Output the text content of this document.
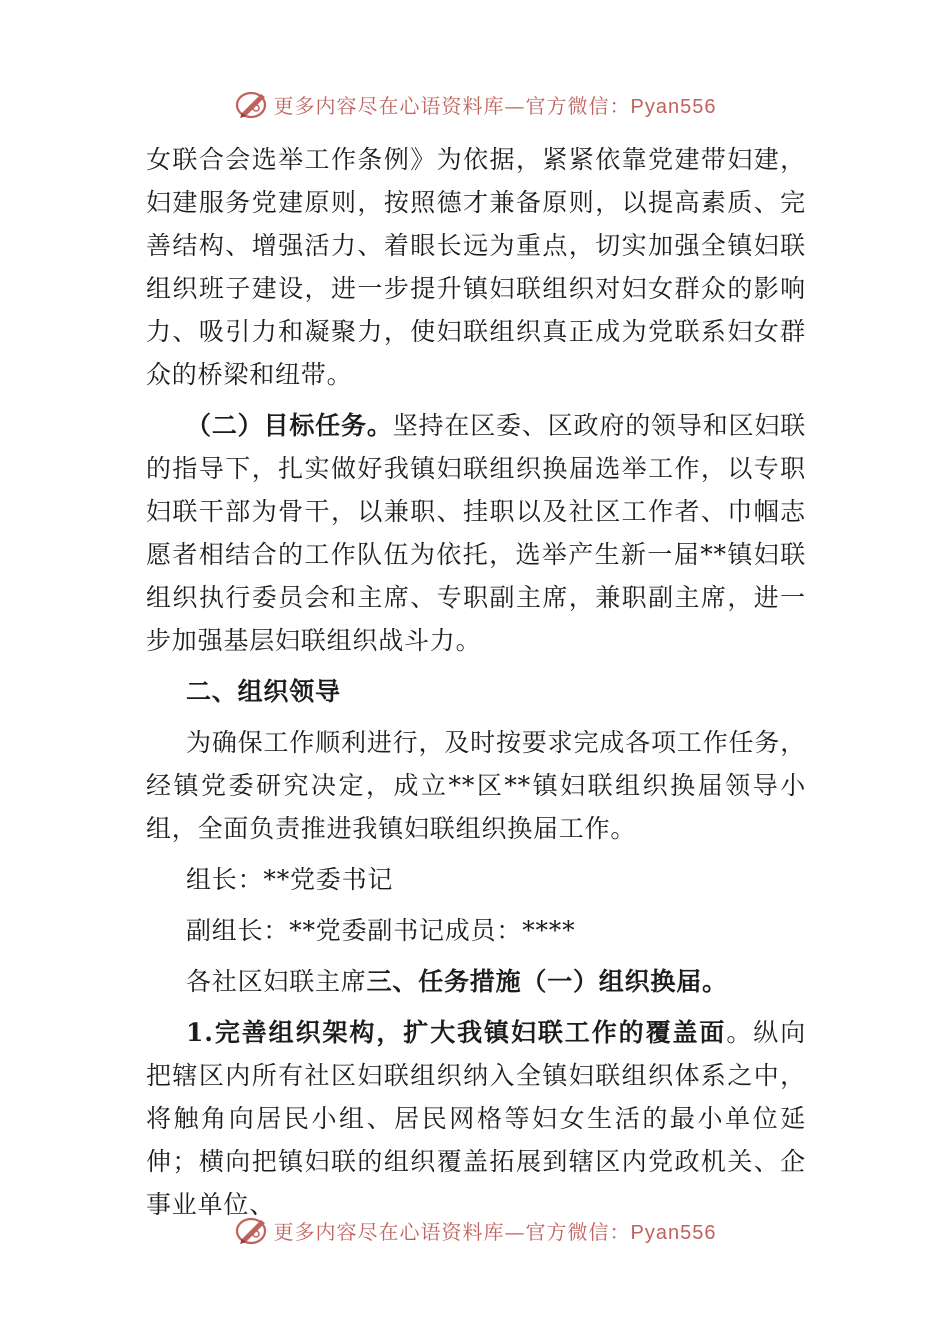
更多内容尽在心语资料库—官方微信：Pyan556

女联合会选举工作条例》为依据，紧紧依靠党建带妇建，妇建服务党建原则，按照德才兼备原则，以提高素质、完善结构、增强活力、着眼长远为重点，切实加强全镇妇联组织班子建设，进一步提升镇妇联组织对妇女群众的影响力、吸引力和凝聚力，使妇联组织真正成为党联系妇女群众的桥梁和纽带。

（二）目标任务。坚持在区委、区政府的领导和区妇联的指导下，扎实做好我镇妇联组织换届选举工作，以专职妇联干部为骨干，以兼职、挂职以及社区工作者、巾帼志愿者相结合的工作队伍为依托，选举产生新一届**镇妇联组织执行委员会和主席、专职副主席，兼职副主席，进一步加强基层妇联组织战斗力。

二、组织领导

为确保工作顺利进行，及时按要求完成各项工作任务，经镇党委研究决定，成立**区**镇妇联组织换届领导小组，全面负责推进我镇妇联组织换届工作。

组长：**党委书记

副组长：**党委副书记成员：****

各社区妇联主席三、任务措施（一）组织换届。

1.完善组织架构，扩大我镇妇联工作的覆盖面。纵向把辖区内所有社区妇联组织纳入全镇妇联组织体系之中，将触角向居民小组、居民网格等妇女生活的最小单位延伸；横向把镇妇联的组织覆盖拓展到辖区内党政机关、企事业单位、

更多内容尽在心语资料库—官方微信：Pyan556
